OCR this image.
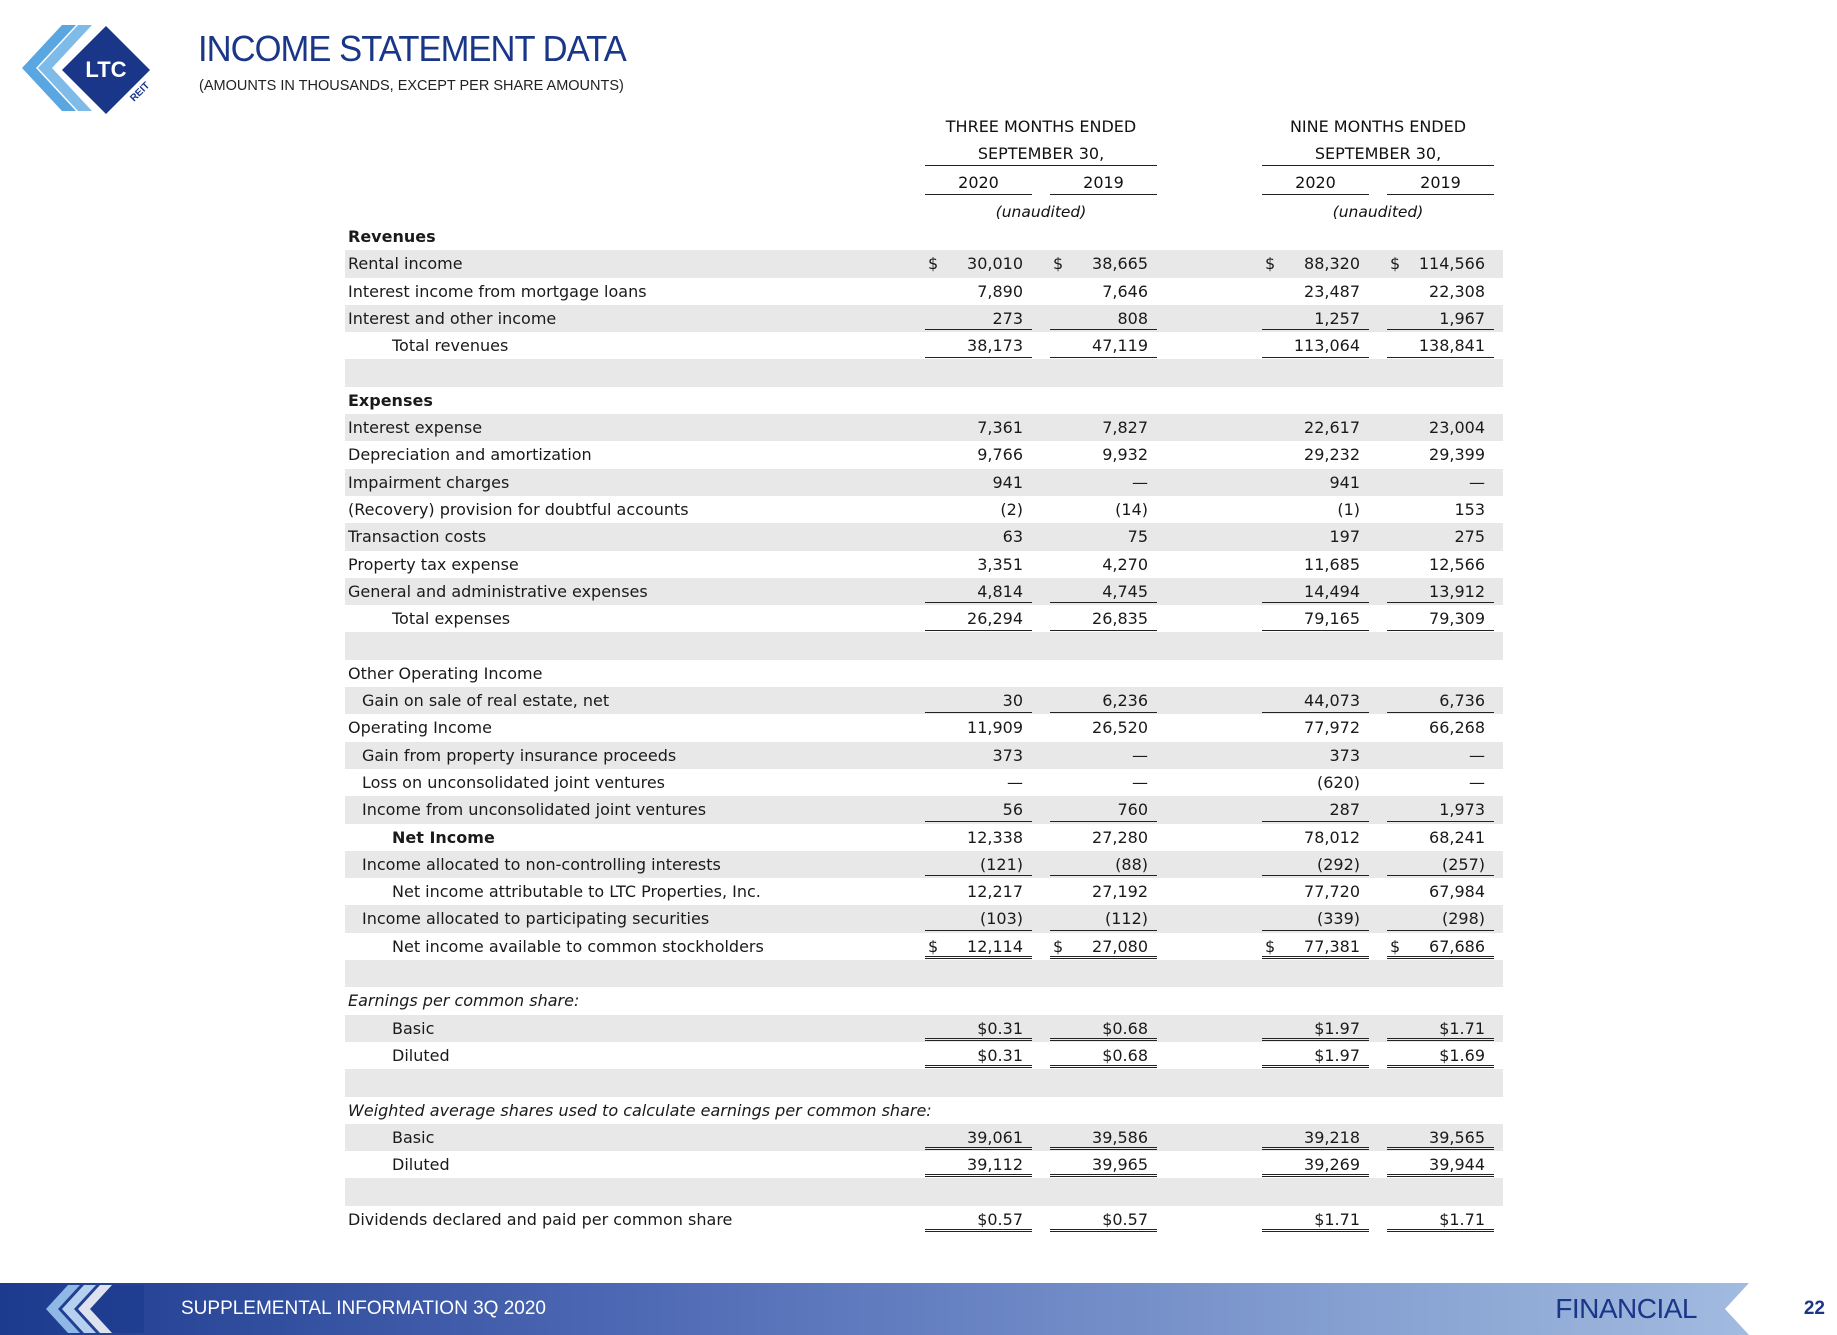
LTC
REIT
INCOME STATEMENT DATA
(AMOUNTS IN THOUSANDS, EXCEPT PER SHARE AMOUNTS)
THREE MONTHS ENDED
SEPTEMBER 30,
2020	2019
(unaudited)
NINE MONTHS ENDED
SEPTEMBER 30,
2020	2019
(unaudited)
Revenues
Rental income	$ 30,010 $ 38,665	$ 88,320 $ 114,566
Interest income from mortgage loans	7,890	7,646	23,487	22,308
Interest and other income	273	808	1,257	1,967
Total revenues	38,173	47,119	113,064	138,841
Expenses
Interest expense	7,361	7,827	22,617	23,004
Depreciation and amortization	9,766	9,932	29,232	29,399
Impairment charges	941	—	941	—
(Recovery) provision for doubtful accounts	(2)	(14)	(1)	153
Transaction costs	63	75	197	275
Property tax expense	3,351	4,270	11,685	12,566
General and administrative expenses	4,814	4,745	14,494	13,912
Total expenses	26,294	26,835	79,165	79,309
Other Operating Income
Gain on sale of real estate, net	30	6,236	44,073	6,736
Operating Income	11,909	26,520	77,972	66,268
Gain from property insurance proceeds	373	—	373	—
Loss on unconsolidated joint ventures	—	—	(620)	—
Income from unconsolidated joint ventures	56	760	287	1,973
Net Income	12,338	27,280	78,012	68,241
Income allocated to non-controlling interests	(121)	(88)	(292)	(257)
Net income attributable to LTC Properties, Inc.	12,217	27,192	77,720	67,984
Income allocated to participating securities	(103)	(112)	(339)	(298)
Net income available to common stockholders	$ 12,114 $ 27,080	$ 77,381 $ 67,686
Earnings per common share:
Basic	$0.31	$0.68	$1.97	$1.71
Diluted	$0.31	$0.68	$1.97	$1.69
Weighted average shares used to calculate earnings per common share:
Basic	39,061	39,586	39,218	39,565
Diluted	39,112	39,965	39,269	39,944
Dividends declared and paid per common share	$0.57	$0.57	$1.71	$1.71
SUPPLEMENTAL INFORMATION 3Q 2020	FINANCIAL	22
